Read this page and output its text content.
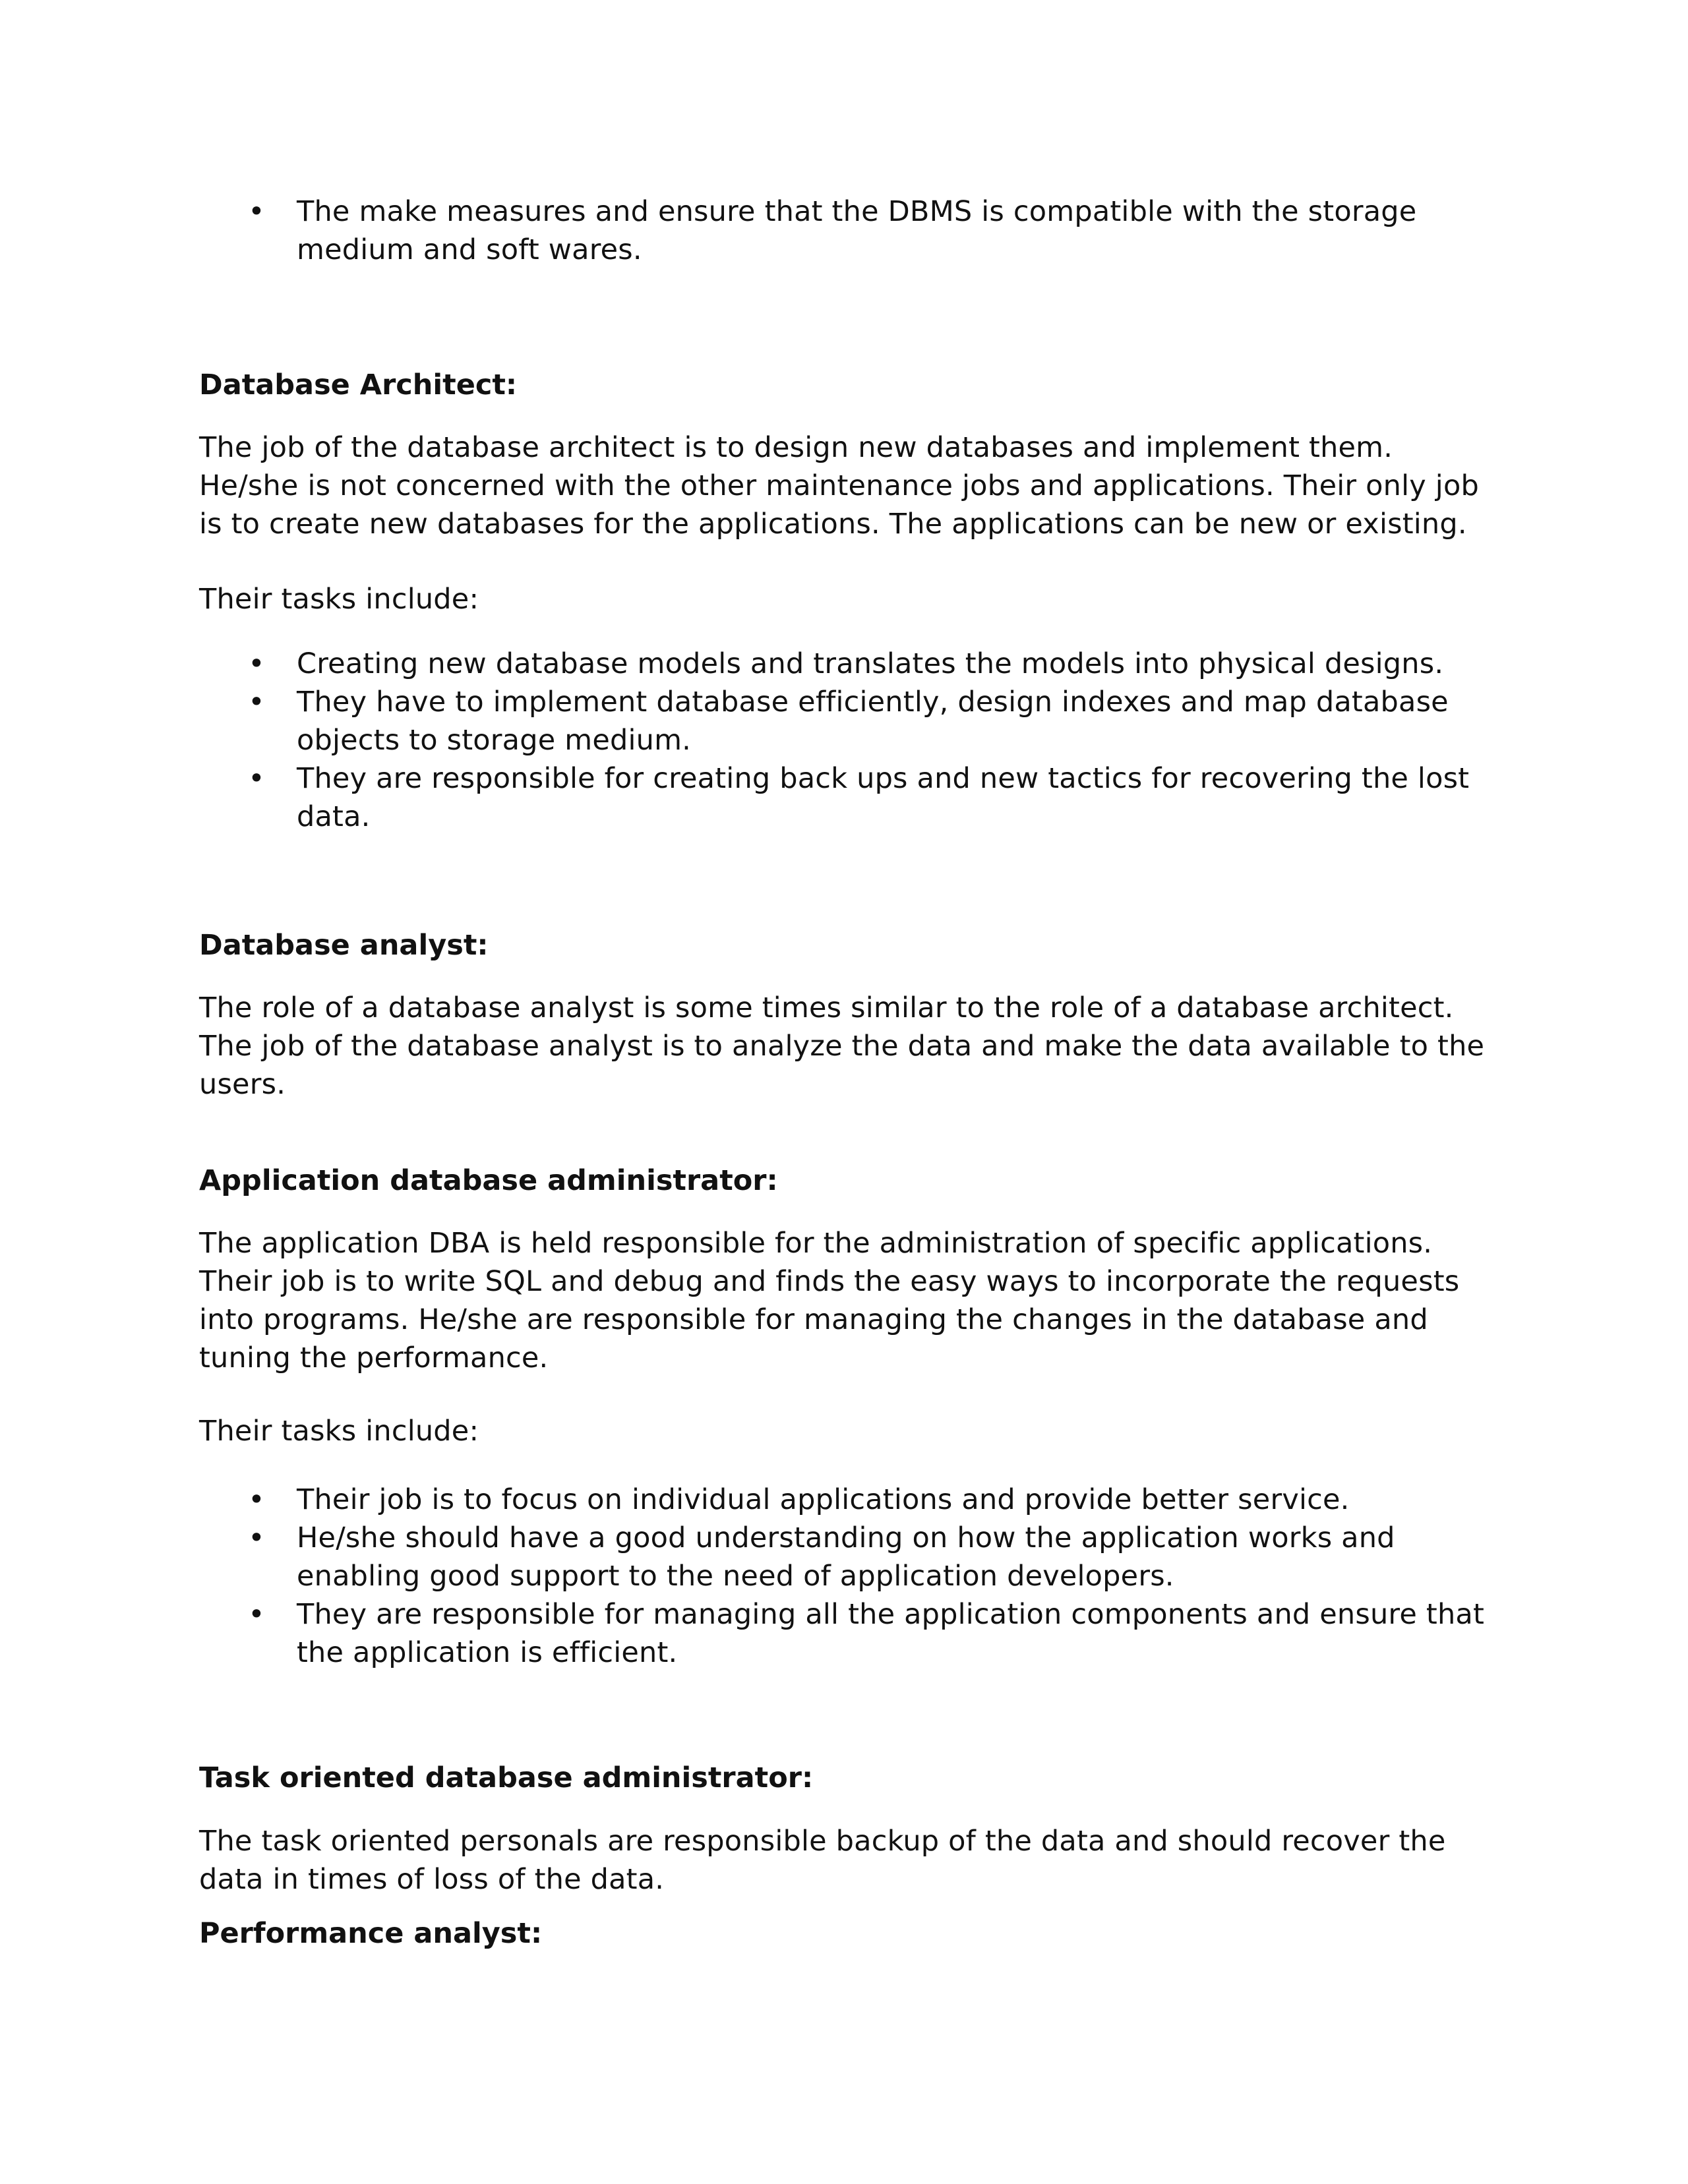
• The make measures and ensure that the DBMS is compatible with the storage medium and soft wares.
Database Architect:

The job of the database architect is to design new databases and implement them. He/she is not concerned with the other maintenance jobs and applications. Their only job is to create new databases for the applications. The applications can be new or existing.

Their tasks include:

• Creating new database models and translates the models into physical designs.
• They have to implement database efficiently, design indexes and map database objects to storage medium.
• They are responsible for creating back ups and new tactics for recovering the lost data.
Database analyst:

The role of a database analyst is some times similar to the role of a database architect. The job of the database analyst is to analyze the data and make the data available to the users.

Application database administrator:

The application DBA is held responsible for the administration of specific applications. Their job is to write SQL and debug and finds the easy ways to incorporate the requests into programs. He/she are responsible for managing the changes in the database and tuning the performance.

Their tasks include:

• Their job is to focus on individual applications and provide better service.
• He/she should have a good understanding on how the application works and enabling good support to the need of application developers.
• They are responsible for managing all the application components and ensure that the application is efficient.
Task oriented database administrator:

The task oriented personals are responsible backup of the data and should recover the data in times of loss of the data.

Performance analyst:
